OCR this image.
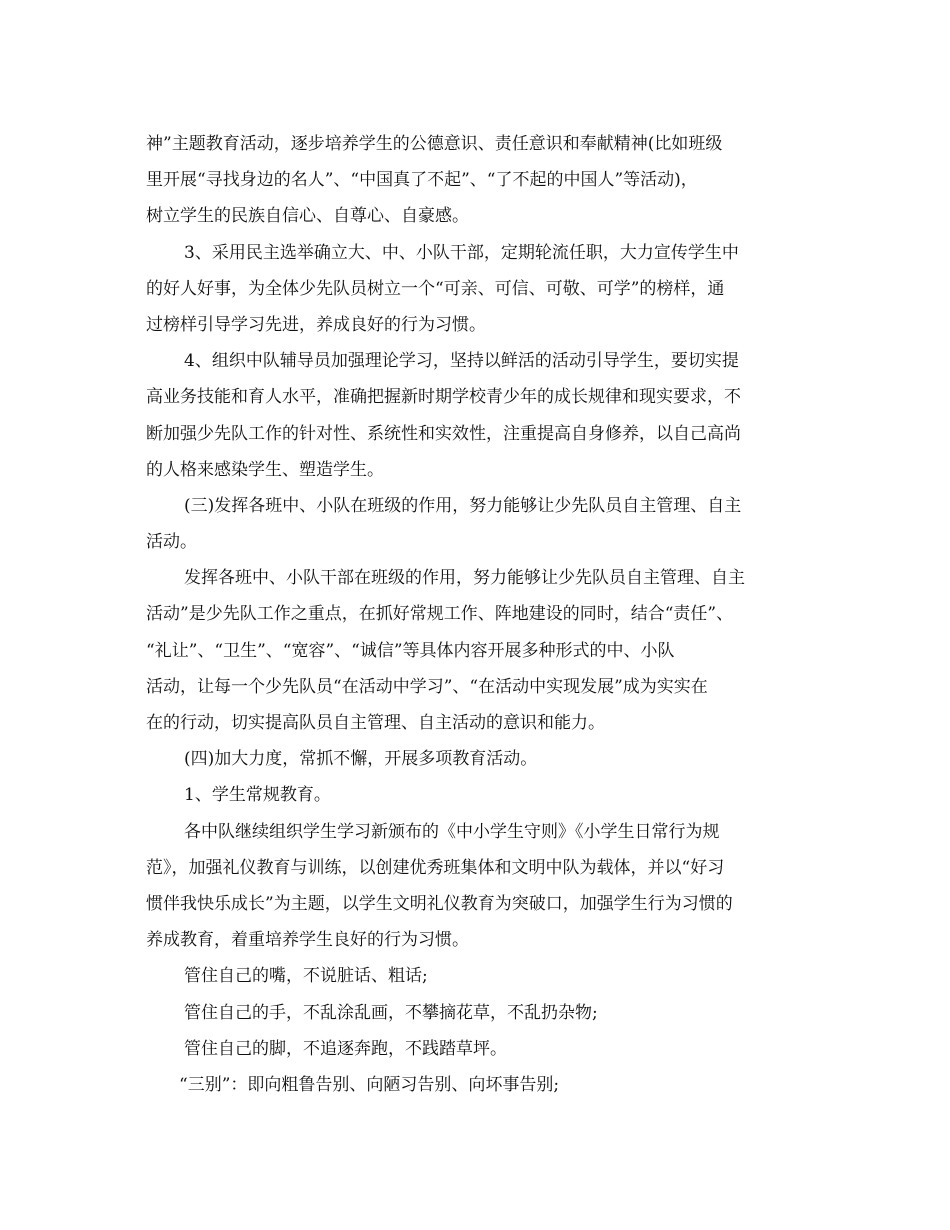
神”主题教育活动，逐步培养学生的公德意识、责任意识和奉献精神(比如班级
里开展“寻找身边的名人”、“中国真了不起”、“了不起的中国人”等活动)，
树立学生的民族自信心、自尊心、自豪感。
3、采用民主选举确立大、中、小队干部，定期轮流任职，大力宣传学生中
的好人好事，为全体少先队员树立一个“可亲、可信、可敬、可学”的榜样，通
过榜样引导学习先进，养成良好的行为习惯。
4、组织中队辅导员加强理论学习，坚持以鲜活的活动引导学生，要切实提
高业务技能和育人水平，准确把握新时期学校青少年的成长规律和现实要求，不
断加强少先队工作的针对性、系统性和实效性，注重提高自身修养，以自己高尚
的人格来感染学生、塑造学生。
(三)发挥各班中、小队在班级的作用，努力能够让少先队员自主管理、自主
活动。
发挥各班中、小队干部在班级的作用，努力能够让少先队员自主管理、自主
活动”是少先队工作之重点，在抓好常规工作、阵地建设的同时，结合“责任”、
“礼让”、“卫生”、“宽容”、“诚信”等具体内容开展多种形式的中、小队
活动，让每一个少先队员“在活动中学习”、“在活动中实现发展”成为实实在
在的行动，切实提高队员自主管理、自主活动的意识和能力。
(四)加大力度，常抓不懈，开展多项教育活动。
1、学生常规教育。
各中队继续组织学生学习新颁布的《中小学生守则》《小学生日常行为规
范》，加强礼仪教育与训练，以创建优秀班集体和文明中队为载体，并以“好习
惯伴我快乐成长”为主题，以学生文明礼仪教育为突破口，加强学生行为习惯的
养成教育，着重培养学生良好的行为习惯。
管住自己的嘴，不说脏话、粗话;
管住自己的手，不乱涂乱画，不攀摘花草，不乱扔杂物;
管住自己的脚，不追逐奔跑，不践踏草坪。
“三别”：即向粗鲁告别、向陋习告别、向坏事告别;
